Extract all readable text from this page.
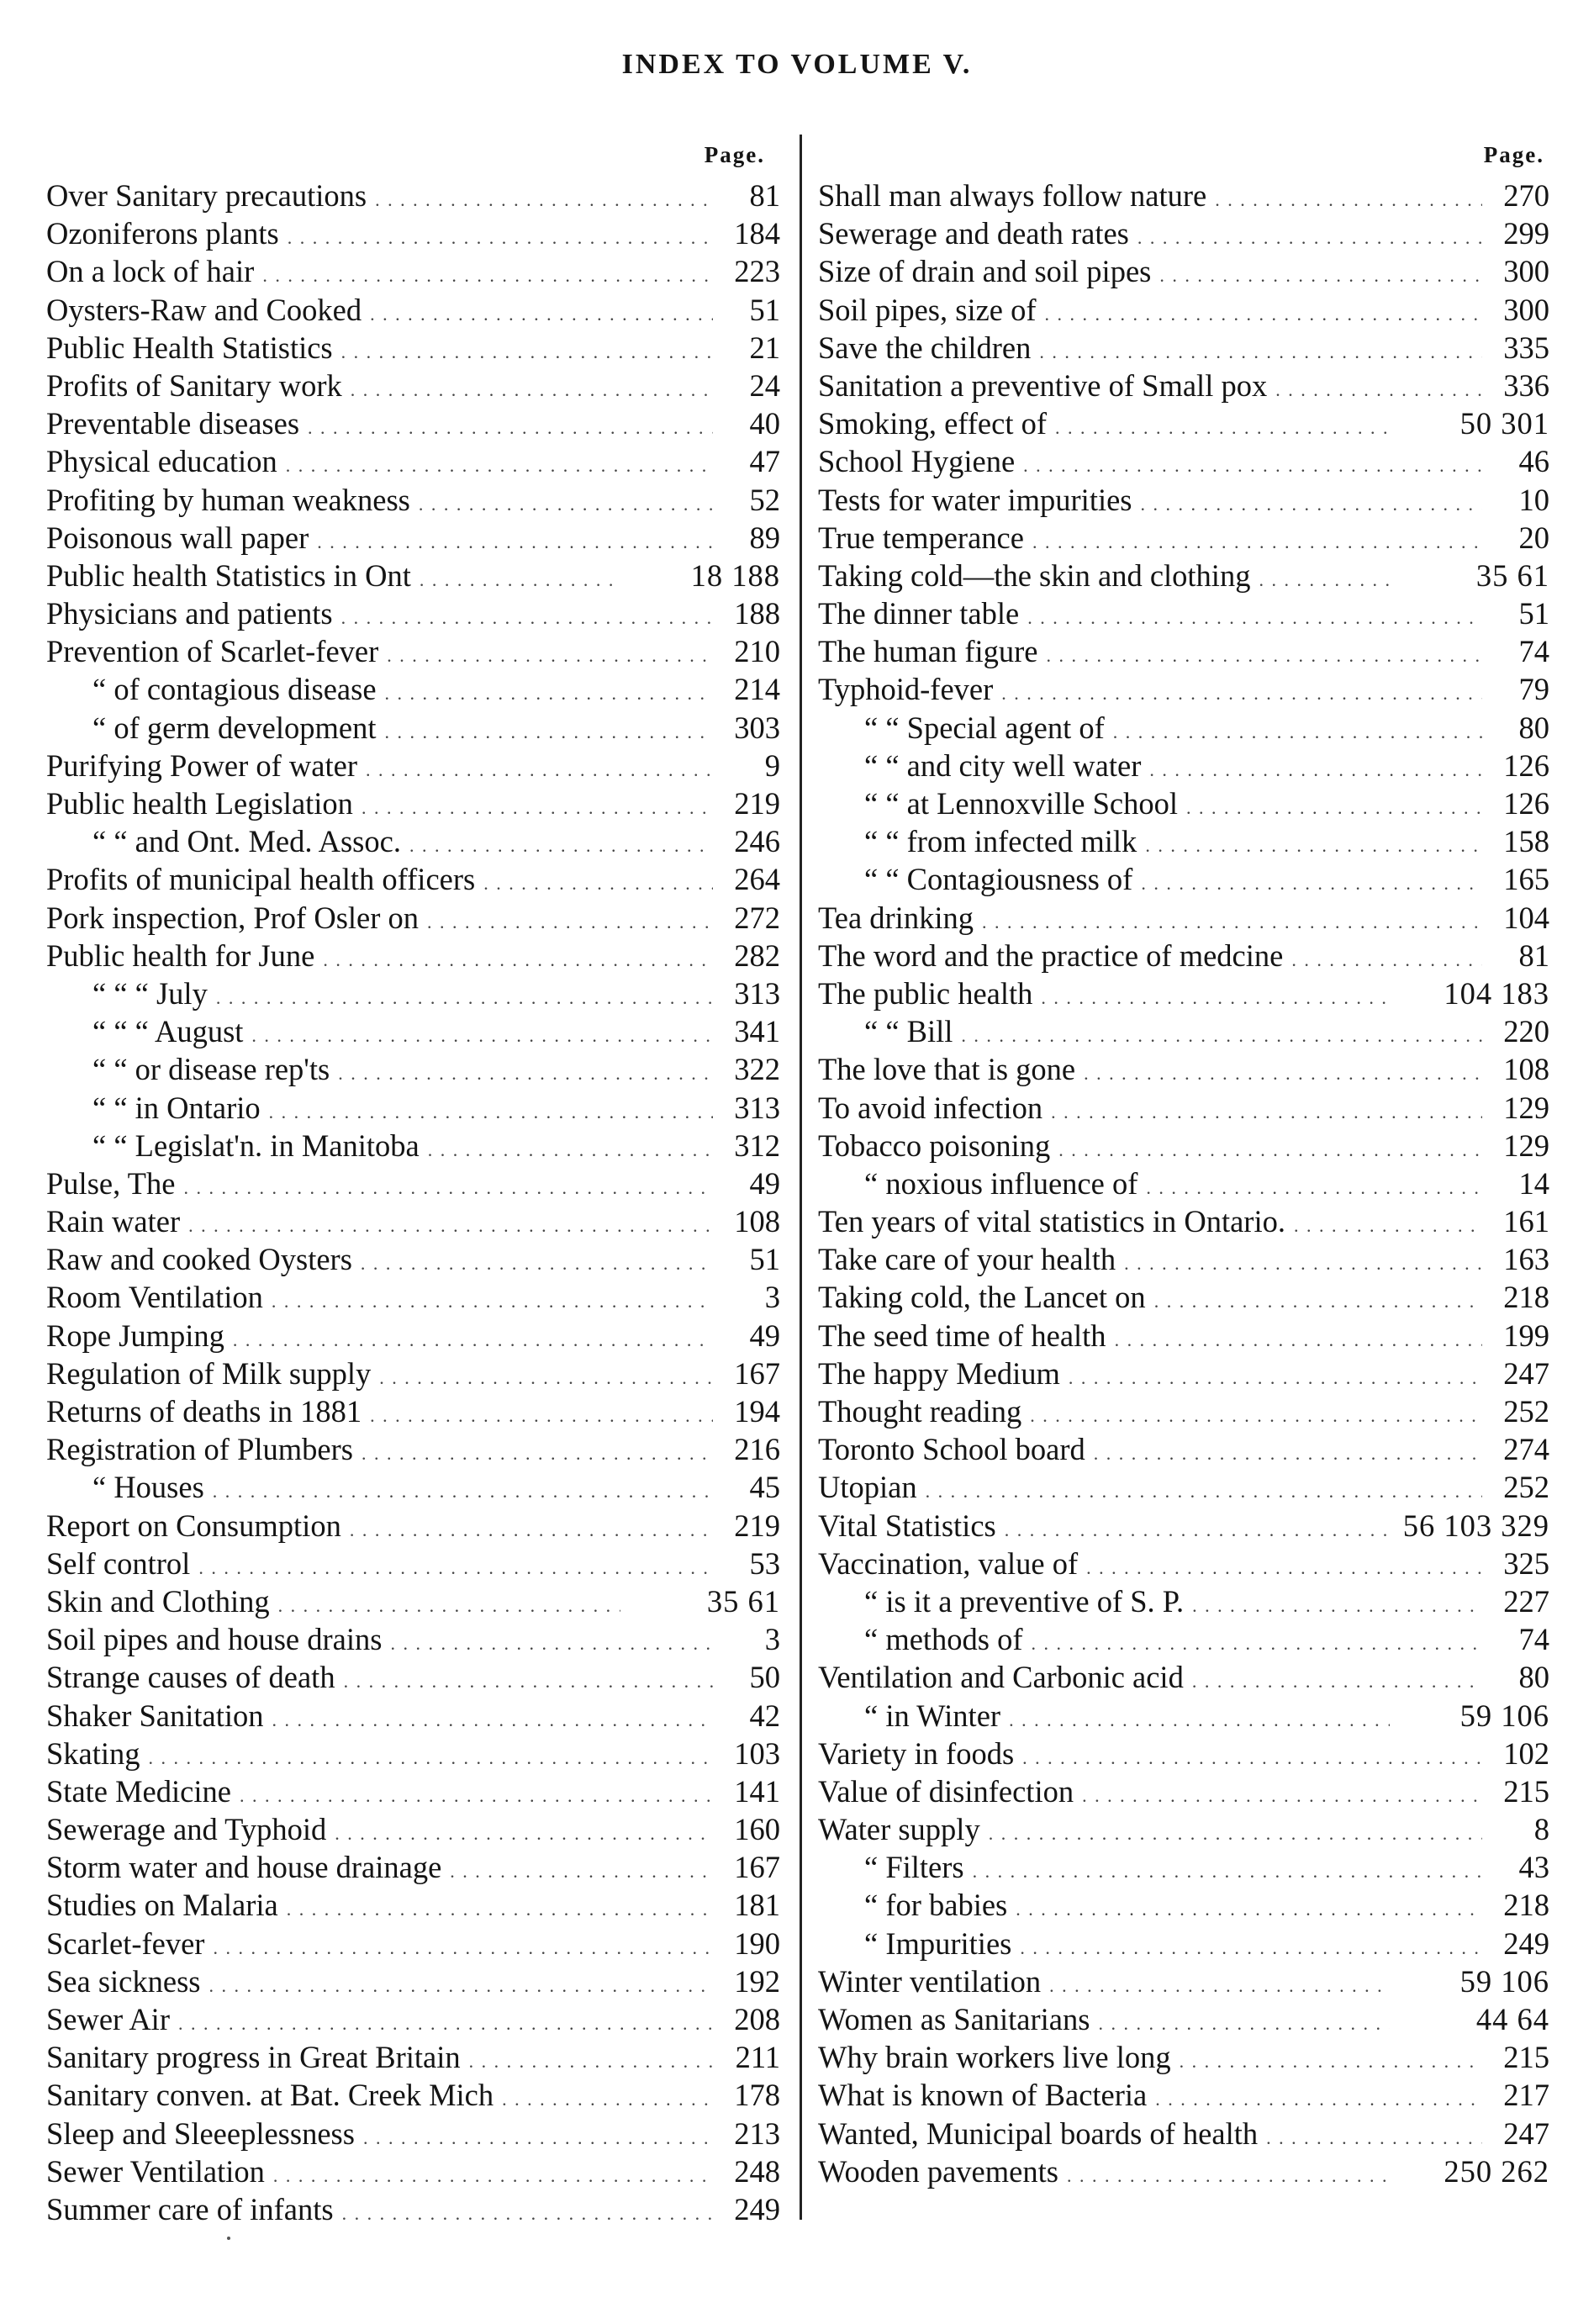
INDEX TO VOLUME V.
Page.
Over Sanitary precautions . . .	81
Ozoniferons plants . . .	184
On a lock of hair . . .	223
Oysters-Raw and Cooked . . .	51
Public Health Statistics . . .	21
Profits of Sanitary work . . .	24
Preventable diseases . . .	40
Physical education . . .	47
Profiting by human weakness . . .	52
Poisonous wall paper . . .	89
Public health Statistics in Ont . . .	18 188
Physicians and patients . . .	188
Prevention of Scarlet-fever . . .	210
“ of contagious disease . . .	214
“ of germ development . . .	303
Purifying Power of water . . .	9
Public health Legislation . . .	219
“ “ and Ont. Med. Assoc. . . .	246
Profits of municipal health officers . . .	264
Pork inspection, Prof Osler on . . .	272
Public health for June . . .	282
“ “ “ July . . .	313
“ “ “ August . . .	341
“ “ or disease rep'ts . . .	322
“ “ in Ontario . . .	313
“ “ Legislat'n. in Manitoba . . .	312
Pulse, The . . .	49
Rain water . . .	108
Raw and cooked Oysters . . .	51
Room Ventilation . . .	3
Rope Jumping . . .	49
Regulation of Milk supply . . .	167
Returns of deaths in 1881 . . .	194
Registration of Plumbers . . .	216
“ Houses . . .	45
Report on Consumption . . .	219
Self control . . .	53
Skin and Clothing . . .	35 61
Soil pipes and house drains . . .	3
Strange causes of death . . .	50
Shaker Sanitation . . .	42
Skating . . .	103
State Medicine . . .	141
Sewerage and Typhoid . . .	160
Storm water and house drainage . . .	167
Studies on Malaria . . .	181
Scarlet-fever . . .	190
Sea sickness . . .	192
Sewer Air . . .	208
Sanitary progress in Great Britain . . .	211
Sanitary conven. at Bat. Creek Mich . . .	178
Sleep and Sleeeplessness . . .	213
Sewer Ventilation . . .	248
Summer care of infants . . .	249
Page.
Shall man always follow nature . . .	270
Sewerage and death rates . . .	299
Size of drain and soil pipes . . .	300
Soil pipes, size of . . .	300
Save the children . . .	335
Sanitation a preventive of Small pox . . .	336
Smoking, effect of . . .	50 301
School Hygiene . . .	46
Tests for water impurities . . .	10
True temperance . . .	20
Taking cold—the skin and clothing . . .	35 61
The dinner table . . .	51
The human figure . . .	74
Typhoid-fever . . .	79
“ “ Special agent of . . .	80
“ “ and city well water . . .	126
“ “ at Lennoxville School . . .	126
“ “ from infected milk . . .	158
“ “ Contagiousness of . . .	165
Tea drinking . . .	104
The word and the practice of medcine . . .	81
The public health . . .	104 183
“ “ Bill . . .	220
The love that is gone . . .	108
To avoid infection . . .	129
Tobacco poisoning . . .	129
“ noxious influence of . . .	14
Ten years of vital statistics in Ontario. . . .	161
Take care of your health . . .	163
Taking cold, the Lancet on . . .	218
The seed time of health . . .	199
The happy Medium . . .	247
Thought reading . . .	252
Toronto School board . . .	274
Utopian . . .	252
Vital Statistics . . .	56 103 329
Vaccination, value of . . .	325
“ is it a preventive of S. P. . . .	227
“ methods of . . .	74
Ventilation and Carbonic acid . . .	80
“ in Winter . . .	59 106
Variety in foods . . .	102
Value of disinfection . . .	215
Water supply . . .	8
“ Filters . . .	43
“ for babies . . .	218
“ Impurities . . .	249
Winter ventilation . . .	59 106
Women as Sanitarians . . .	44 64
Why brain workers live long . . .	215
What is known of Bacteria . . .	217
Wanted, Municipal boards of health . . .	247
Wooden pavements . . .	250 262
